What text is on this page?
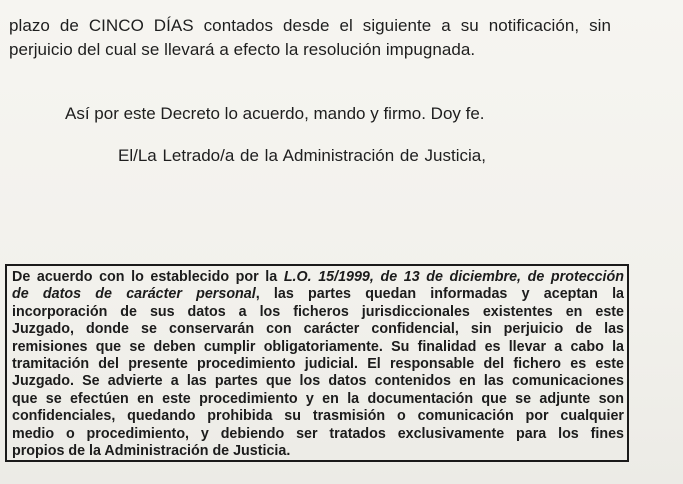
plazo de CINCO DÍAS contados desde el siguiente a su notificación, sin
perjuicio del cual se llevará a efecto la resolución impugnada.

Así por este Decreto lo acuerdo, mando y firmo. Doy fe.

El/La Letrado/a de la Administración de Justicia,

De acuerdo con lo establecido por la L.O. 15/1999, de 13 de diciembre, de protección
de datos de carácter personal, las partes quedan informadas y aceptan la
incorporación de sus datos a los ficheros jurisdiccionales existentes en este
Juzgado, donde se conservarán con carácter confidencial, sin perjuicio de las
remisiones que se deben cumplir obligatoriamente. Su finalidad es llevar a cabo la
tramitación del presente procedimiento judicial. El responsable del fichero es este
Juzgado. Se advierte a las partes que los datos contenidos en las comunicaciones
que se efectúen en este procedimiento y en la documentación que se adjunte son
confidenciales, quedando prohibida su trasmisión o comunicación por cualquier
medio o procedimiento, y debiendo ser tratados exclusivamente para los fines
propios de la Administración de Justicia.
